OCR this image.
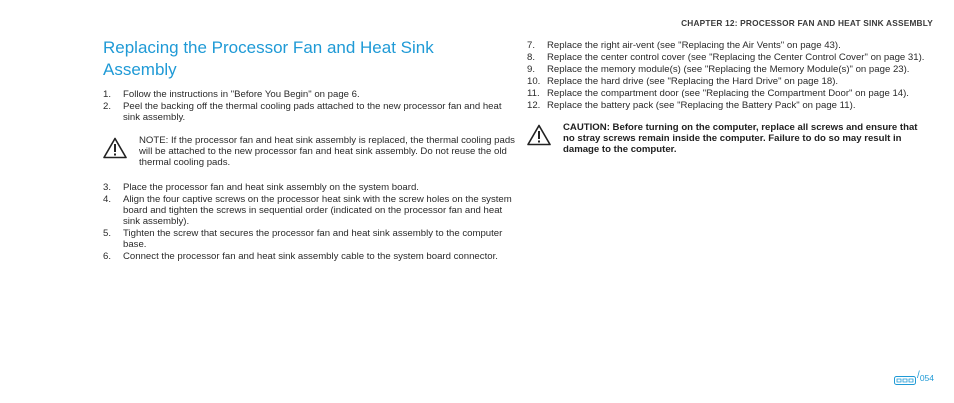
CHAPTER 12: PROCESSOR FAN AND HEAT SINK ASSEMBLY
Replacing the Processor Fan and Heat Sink Assembly
1.	Follow the instructions in "Before You Begin" on page 6.
2.	Peel the backing off the thermal cooling pads attached to the new processor fan and heat sink assembly.
NOTE: If the processor fan and heat sink assembly is replaced, the thermal cooling pads will be attached to the new processor fan and heat sink assembly. Do not reuse the old thermal cooling pads.
3.	Place the processor fan and heat sink assembly on the system board.
4.	Align the four captive screws on the processor heat sink with the screw holes on the system board and tighten the screws in sequential order (indicated on the processor fan and heat sink assembly).
5.	Tighten the screw that secures the processor fan and heat sink assembly to the computer base.
6.	Connect the processor fan and heat sink assembly cable to the system board connector.
7.	Replace the right air-vent (see "Replacing the Air Vents" on page 43).
8.	Replace the center control cover (see "Replacing the Center Control Cover" on page 31).
9.	Replace the memory module(s) (see "Replacing the Memory Module(s)" on page 23).
10. Replace the hard drive (see "Replacing the Hard Drive" on page 18).
11. Replace the compartment door (see "Replacing the Compartment Door" on page 14).
12. Replace the battery pack (see "Replacing the Battery Pack" on page 11).
CAUTION: Before turning on the computer, replace all screws and ensure that no stray screws remain inside the computer. Failure to do so may result in damage to the computer.
/ 054
